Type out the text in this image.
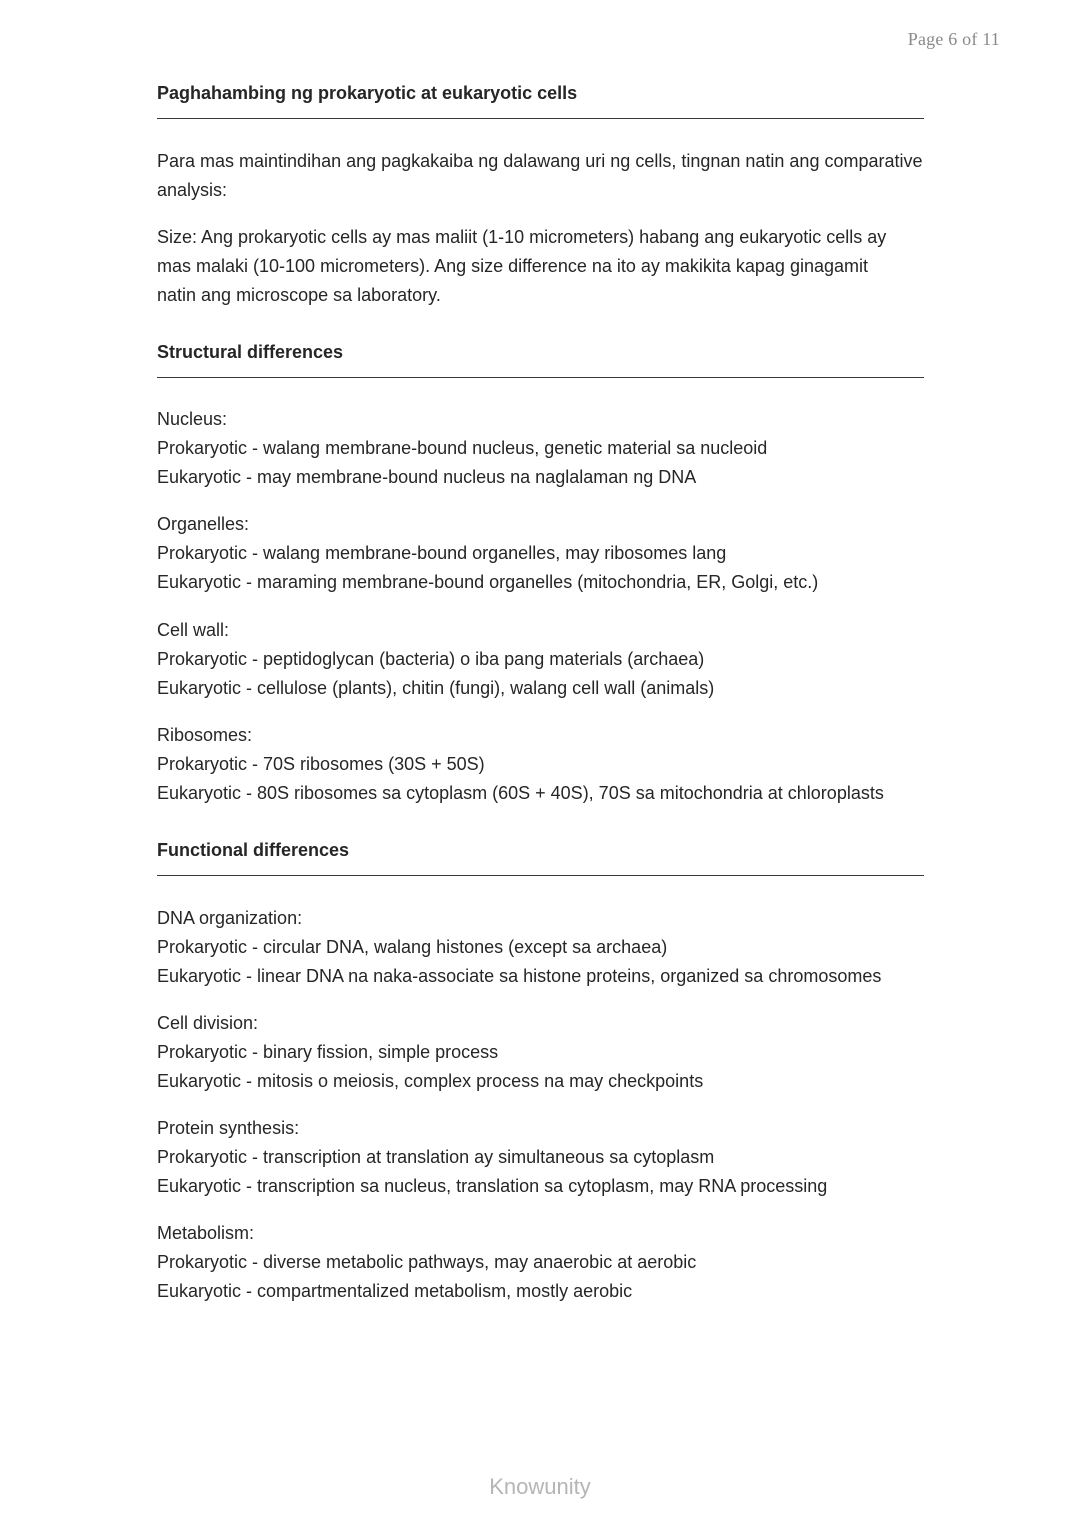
Page 6 of 11
Paghahambing ng prokaryotic at eukaryotic cells
Para mas maintindihan ang pagkakaiba ng dalawang uri ng cells, tingnan natin ang comparative analysis:
Size: Ang prokaryotic cells ay mas maliit (1-10 micrometers) habang ang eukaryotic cells ay mas malaki (10-100 micrometers). Ang size difference na ito ay makikita kapag ginagamit natin ang microscope sa laboratory.
Structural differences
Nucleus:
Prokaryotic - walang membrane-bound nucleus, genetic material sa nucleoid
Eukaryotic - may membrane-bound nucleus na naglalaman ng DNA
Organelles:
Prokaryotic - walang membrane-bound organelles, may ribosomes lang
Eukaryotic - maraming membrane-bound organelles (mitochondria, ER, Golgi, etc.)
Cell wall:
Prokaryotic - peptidoglycan (bacteria) o iba pang materials (archaea)
Eukaryotic - cellulose (plants), chitin (fungi), walang cell wall (animals)
Ribosomes:
Prokaryotic - 70S ribosomes (30S + 50S)
Eukaryotic - 80S ribosomes sa cytoplasm (60S + 40S), 70S sa mitochondria at chloroplasts
Functional differences
DNA organization:
Prokaryotic - circular DNA, walang histones (except sa archaea)
Eukaryotic - linear DNA na naka-associate sa histone proteins, organized sa chromosomes
Cell division:
Prokaryotic - binary fission, simple process
Eukaryotic - mitosis o meiosis, complex process na may checkpoints
Protein synthesis:
Prokaryotic - transcription at translation ay simultaneous sa cytoplasm
Eukaryotic - transcription sa nucleus, translation sa cytoplasm, may RNA processing
Metabolism:
Prokaryotic - diverse metabolic pathways, may anaerobic at aerobic
Eukaryotic - compartmentalized metabolism, mostly aerobic
Knowunity
